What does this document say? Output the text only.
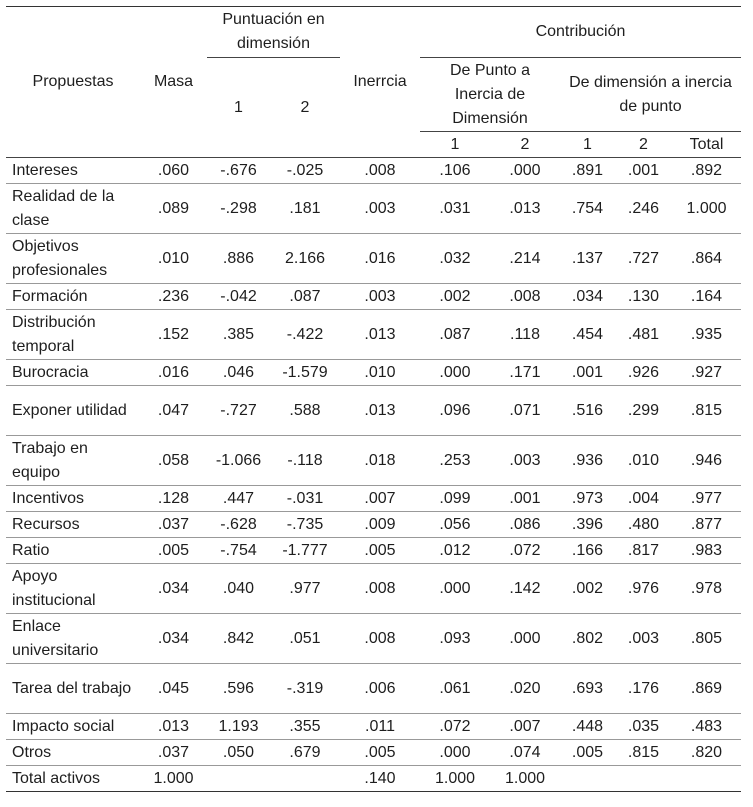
Propuestas	Masa	Puntuación en dimensión		Inerrcia	Contribución				
		1	2		De Punto a Inercia de Dimensión		De dimensión a inercia de punto		
					1	2	1	2	Total
Intereses	.060	-.676	-.025	.008	.106	.000	.891	.001	.892
Realidad de la clase	.089	-.298	.181	.003	.031	.013	.754	.246	1.000
Objetivos profesionales	.010	.886	2.166	.016	.032	.214	.137	.727	.864
Formación	.236	-.042	.087	.003	.002	.008	.034	.130	.164
Distribución temporal	.152	.385	-.422	.013	.087	.118	.454	.481	.935
Burocracia	.016	.046	-1.579	.010	.000	.171	.001	.926	.927
Exponer utilidad	.047	-.727	.588	.013	.096	.071	.516	.299	.815
Trabajo en equipo	.058	-1.066	-.118	.018	.253	.003	.936	.010	.946
Incentivos	.128	.447	-.031	.007	.099	.001	.973	.004	.977
Recursos	.037	-.628	-.735	.009	.056	.086	.396	.480	.877
Ratio	.005	-.754	-1.777	.005	.012	.072	.166	.817	.983
Apoyo institucional	.034	.040	.977	.008	.000	.142	.002	.976	.978
Enlace universitario	.034	.842	.051	.008	.093	.000	.802	.003	.805
Tarea del trabajo	.045	.596	-.319	.006	.061	.020	.693	.176	.869
Impacto social	.013	1.193	.355	.011	.072	.007	.448	.035	.483
Otros	.037	.050	.679	.005	.000	.074	.005	.815	.820
Total activos	1.000			.140	1.000	1.000			
